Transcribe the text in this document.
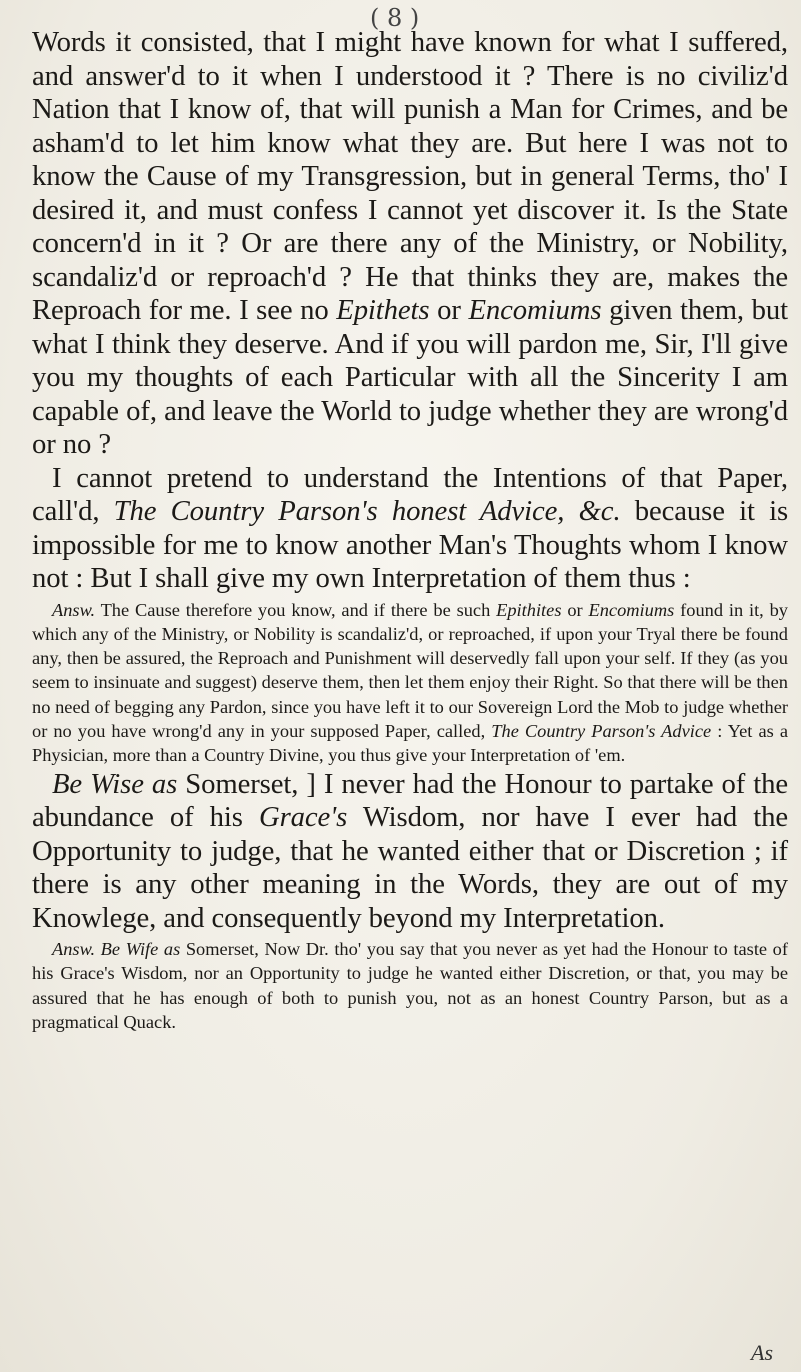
( 8 )

Words it consisted, that I might have known for what I suffered, and answer'd to it when I understood it ? There is no civiliz'd Nation that I know of, that will punish a Man for Crimes, and be asham'd to let him know what they are. But here I was not to know the Cause of my Transgression, but in general Terms, tho' I desired it, and must confess I cannot yet discover it. Is the State concern'd in it ? Or are there any of the Ministry, or Nobility, scandaliz'd or reproach'd ? He that thinks they are, makes the Reproach for me. I see no Epithets or Encomiums given them, but what I think they deserve. And if you will pardon me, Sir, I'll give you my thoughts of each Particular with all the Sincerity I am capable of, and leave the World to judge whether they are wrong'd or no ?

I cannot pretend to understand the Intentions of that Paper, call'd, The Country Parson's honest Advice, &c. because it is impossible for me to know another Man's Thoughts whom I know not : But I shall give my own Interpretation of them thus :

Answ. The Cause therefore you know, and if there be such Epithites or Encomiums found in it, by which any of the Ministry, or Nobility is scandaliz'd, or reproached, if upon your Tryal there be found any, then be assured, the Reproach and Punishment will deservedly fall upon your self. If they (as you seem to insinuate and suggest) deserve them, then let them enjoy their Right. So that there will be then no need of begging any Pardon, since you have left it to our Sovereign Lord the Mob to judge whether or no you have wrong'd any in your supposed Paper, called, The Country Parson's Advice : Yet as a Physician, more than a Country Divine, you thus give your Interpretation of 'em.

Be Wise as Somerset, ] I never had the Honour to partake of the abundance of his Grace's Wisdom, nor have I ever had the Opportunity to judge, that he wanted either that or Discretion ; if there is any other meaning in the Words, they are out of my Knowlege, and consequently beyond my Interpretation.

Answ. Be Wife as Somerset, Now Dr. tho' you say that you never as yet had the Honour to taste of his Grace's Wisdom, nor an Opportunity to judge he wanted either Discretion, or that, you may be assured that he has enough of both to punish you, not as an honest Country Parson, but as a pragmatical Quack.

As
